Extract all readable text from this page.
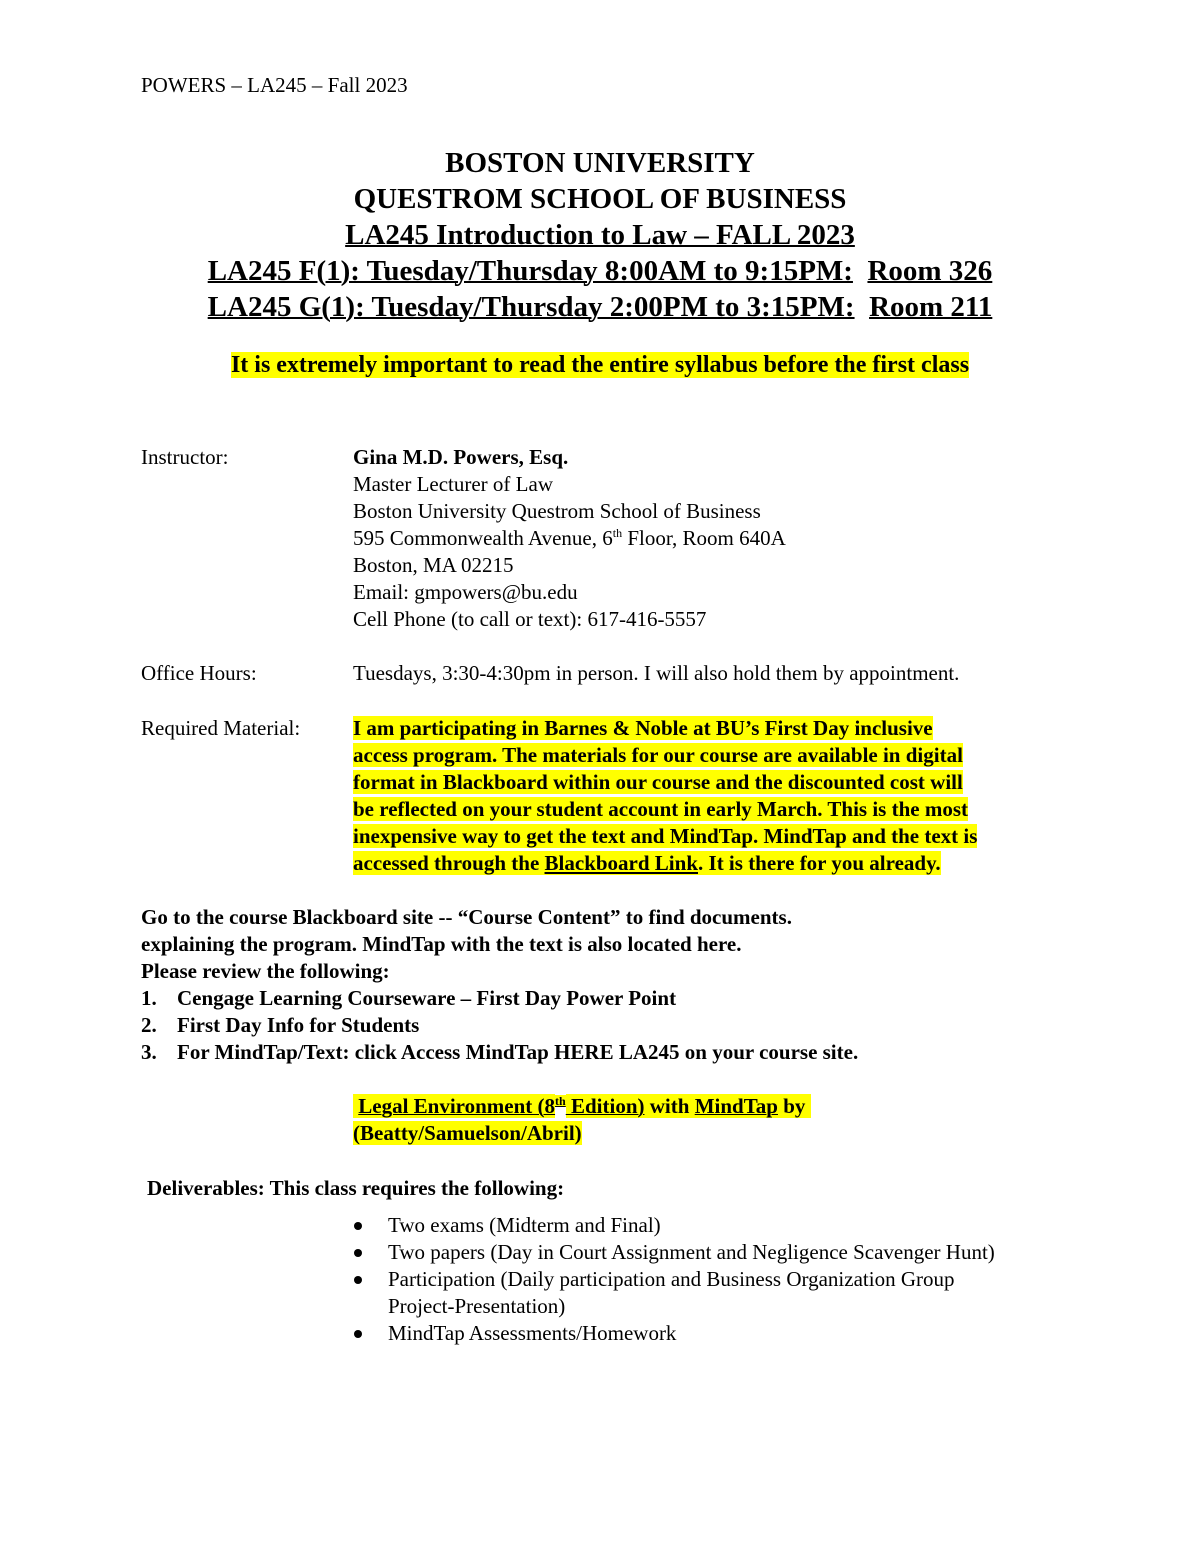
POWERS – LA245 – Fall 2023
BOSTON UNIVERSITY
QUESTROM SCHOOL OF BUSINESS
LA245 Introduction to Law – FALL 2023
LA245 F(1): Tuesday/Thursday 8:00AM to 9:15PM: Room 326
LA245 G(1): Tuesday/Thursday 2:00PM to 3:15PM: Room 211
It is extremely important to read the entire syllabus before the first class
Instructor:	Gina M.D. Powers, Esq.
Master Lecturer of Law
Boston University Questrom School of Business
595 Commonwealth Avenue, 6th Floor, Room 640A
Boston, MA 02215
Email: gmpowers@bu.edu
Cell Phone (to call or text): 617-416-5557
Office Hours:	Tuesdays, 3:30-4:30pm in person. I will also hold them by appointment.
Required Material:	I am participating in Barnes & Noble at BU’s First Day inclusive
access program. The materials for our course are available in digital
format in Blackboard within our course and the discounted cost will
be reflected on your student account in early March. This is the most
inexpensive way to get the text and MindTap. MindTap and the text is
accessed through the Blackboard Link. It is there for you already.
Go to the course Blackboard site -- “Course Content” to find documents.
explaining the program. MindTap with the text is also located here.
Please review the following:
1. Cengage Learning Courseware – First Day Power Point
2. First Day Info for Students
3. For MindTap/Text: click Access MindTap HERE LA245 on your course site.
Legal Environment (8th Edition) with MindTap by
(Beatty/Samuelson/Abril)
Deliverables: This class requires the following:
Two exams (Midterm and Final)
Two papers (Day in Court Assignment and Negligence Scavenger Hunt)
Participation (Daily participation and Business Organization Group Project-Presentation)
MindTap Assessments/Homework
